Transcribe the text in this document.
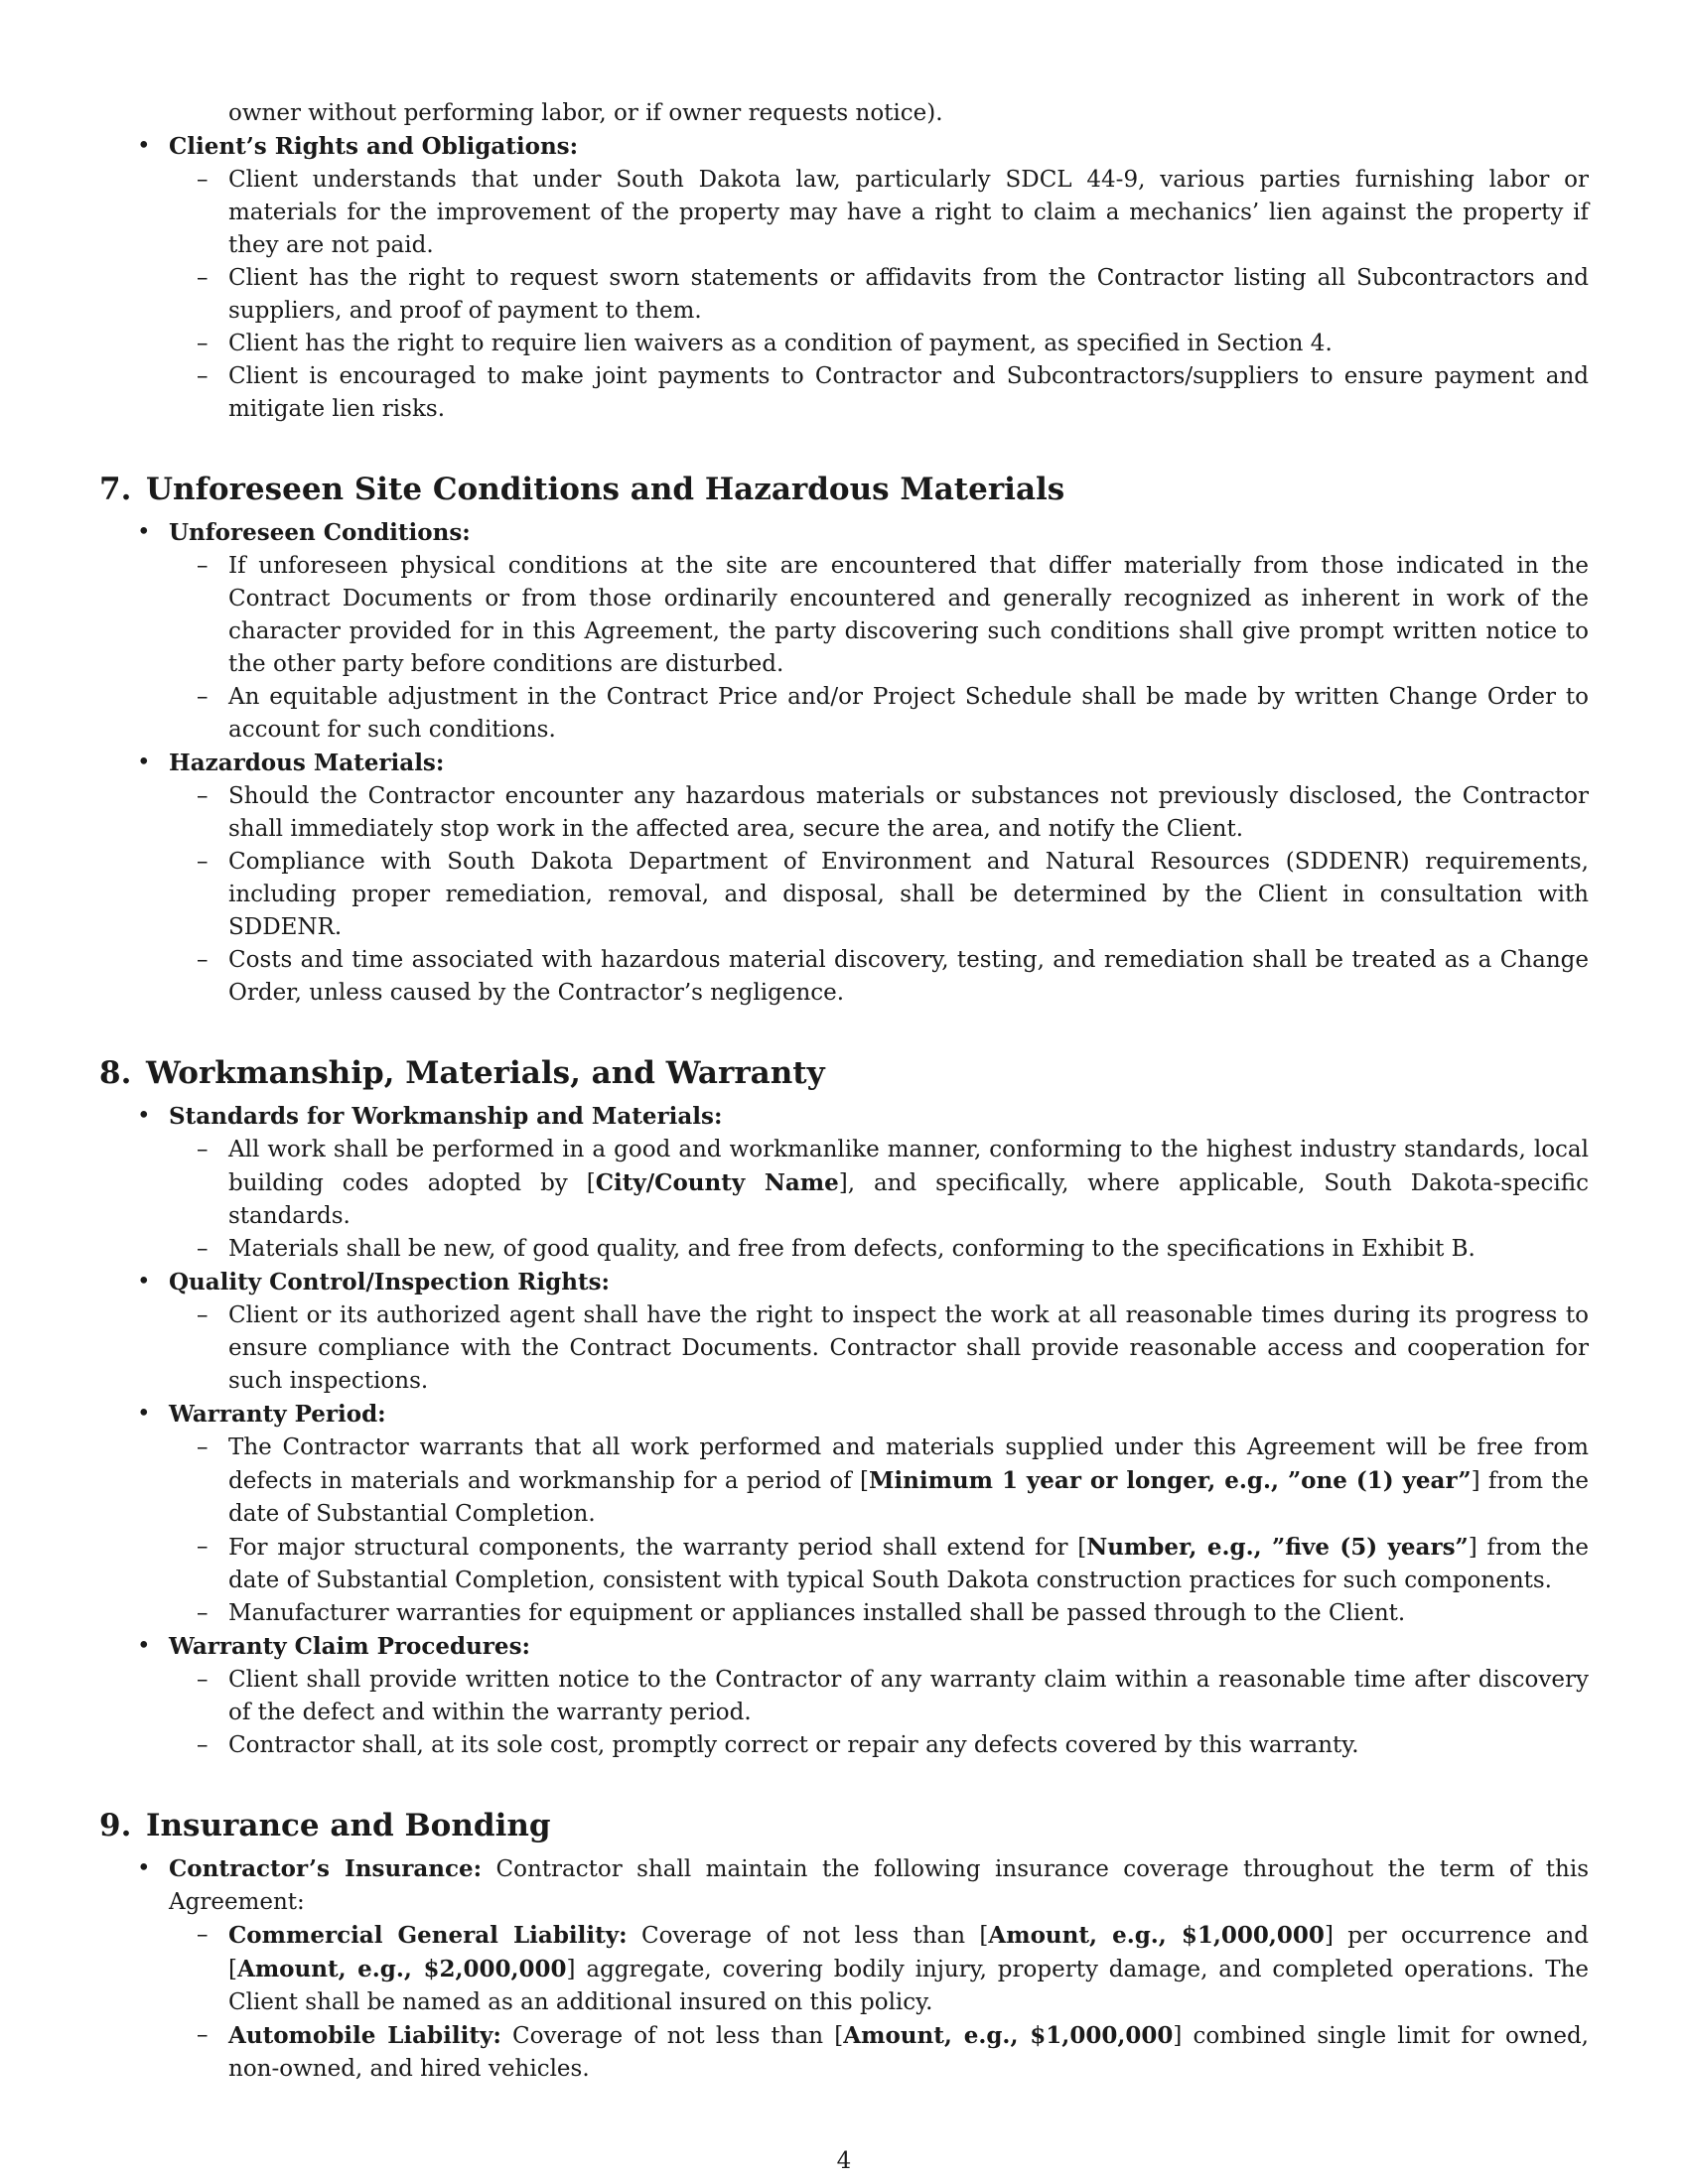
owner without performing labor, or if owner requests notice).
• Client’s Rights and Obligations:
– Client understands that under South Dakota law, particularly SDCL 44-9, various parties furnishing labor or materials for the improvement of the property may have a right to claim a mechanics’ lien against the property if they are not paid.
– Client has the right to request sworn statements or affidavits from the Contractor listing all Subcontractors and suppliers, and proof of payment to them.
– Client has the right to require lien waivers as a condition of payment, as specified in Section 4.
– Client is encouraged to make joint payments to Contractor and Subcontractors/suppliers to ensure payment and mitigate lien risks.
7. Unforeseen Site Conditions and Hazardous Materials
• Unforeseen Conditions:
– If unforeseen physical conditions at the site are encountered that differ materially from those indicated in the Contract Documents or from those ordinarily encountered and generally recognized as inherent in work of the character provided for in this Agreement, the party discovering such conditions shall give prompt written notice to the other party before conditions are disturbed.
– An equitable adjustment in the Contract Price and/or Project Schedule shall be made by written Change Order to account for such conditions.
• Hazardous Materials:
– Should the Contractor encounter any hazardous materials or substances not previously disclosed, the Contractor shall immediately stop work in the affected area, secure the area, and notify the Client.
– Compliance with South Dakota Department of Environment and Natural Resources (SDDENR) requirements, including proper remediation, removal, and disposal, shall be determined by the Client in consultation with SDDENR.
– Costs and time associated with hazardous material discovery, testing, and remediation shall be treated as a Change Order, unless caused by the Contractor’s negligence.
8. Workmanship, Materials, and Warranty
• Standards for Workmanship and Materials:
– All work shall be performed in a good and workmanlike manner, conforming to the highest industry standards, local building codes adopted by [City/County Name], and specifically, where applicable, South Dakota-specific standards.
– Materials shall be new, of good quality, and free from defects, conforming to the specifications in Exhibit B.
• Quality Control/Inspection Rights:
– Client or its authorized agent shall have the right to inspect the work at all reasonable times during its progress to ensure compliance with the Contract Documents. Contractor shall provide reasonable access and cooperation for such inspections.
• Warranty Period:
– The Contractor warrants that all work performed and materials supplied under this Agreement will be free from defects in materials and workmanship for a period of [Minimum 1 year or longer, e.g., ”one (1) year”] from the date of Substantial Completion.
– For major structural components, the warranty period shall extend for [Number, e.g., ”five (5) years”] from the date of Substantial Completion, consistent with typical South Dakota construction practices for such components.
– Manufacturer warranties for equipment or appliances installed shall be passed through to the Client.
• Warranty Claim Procedures:
– Client shall provide written notice to the Contractor of any warranty claim within a reasonable time after discovery of the defect and within the warranty period.
– Contractor shall, at its sole cost, promptly correct or repair any defects covered by this warranty.
9. Insurance and Bonding
• Contractor’s Insurance: Contractor shall maintain the following insurance coverage throughout the term of this Agreement:
– Commercial General Liability: Coverage of not less than [Amount, e.g., $1,000,000] per occurrence and [Amount, e.g., $2,000,000] aggregate, covering bodily injury, property damage, and completed operations. The Client shall be named as an additional insured on this policy.
– Automobile Liability: Coverage of not less than [Amount, e.g., $1,000,000] combined single limit for owned, non-owned, and hired vehicles.
4
